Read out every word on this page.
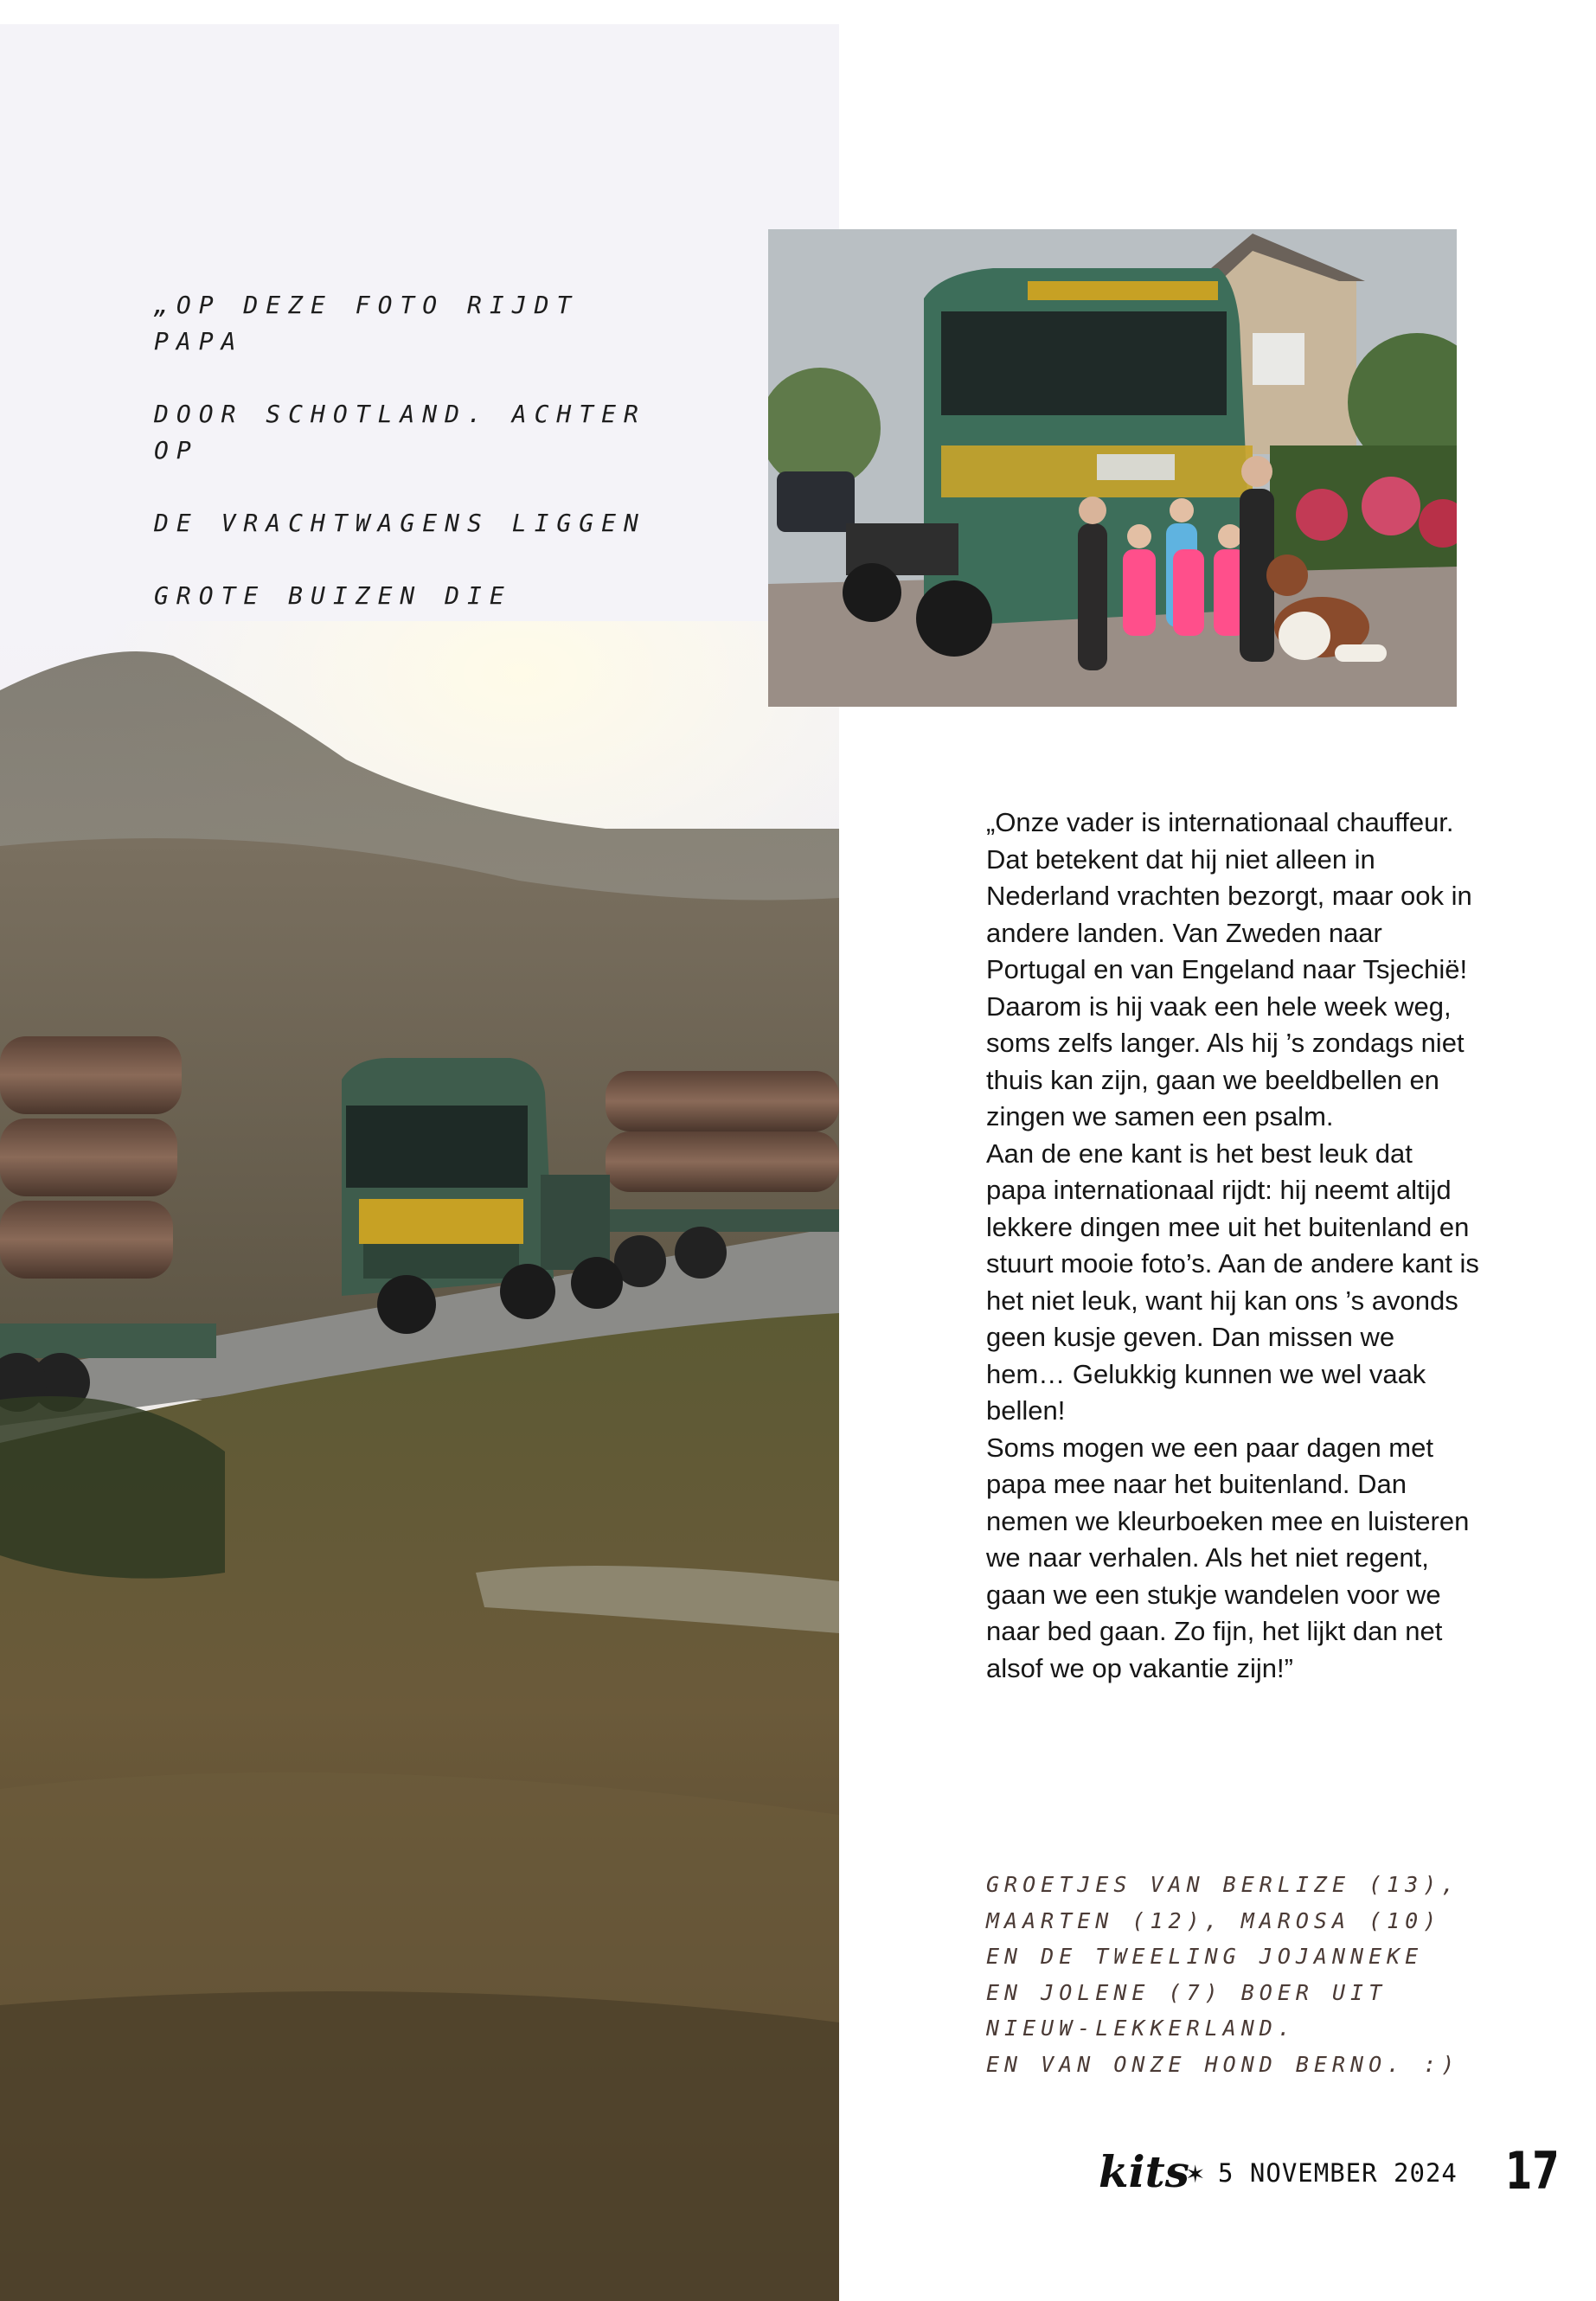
„OP DEZE FOTO RIJDT PAPA

DOOR SCHOTLAND. ACHTER OP

DE VRACHTWAGENS LIGGEN

GROTE BUIZEN DIE

„Onze vader is internationaal chauffeur. Dat betekent dat hij niet alleen in Nederland vrachten bezorgt, maar ook in andere landen. Van Zweden naar Portugal en van Engeland naar Tsjechië! Daarom is hij vaak een hele week weg, soms zelfs langer. Als hij ’s zondags niet thuis kan zijn, gaan we beeldbellen en zingen we samen een psalm.

Aan de ene kant is het best leuk dat papa internationaal rijdt: hij neemt altijd lekkere dingen mee uit het buitenland en stuurt mooie foto’s. Aan de andere kant is het niet leuk, want hij kan ons ’s avonds geen kusje geven. Dan missen we hem… Gelukkig kunnen we wel vaak bellen!

Soms mogen we een paar dagen met papa mee naar het buitenland. Dan nemen we kleurboeken mee en luisteren we naar verhalen. Als het niet regent, gaan we een stukje wandelen voor we naar bed gaan. Zo fijn, het lijkt dan net alsof we op vakantie zijn!”

GROETJES VAN BERLIZE (13),
MAARTEN (12), MAROSA (10)
EN DE TWEELING JOJANNEKE
EN JOLENE (7) BOER UIT
NIEUW-LEKKERLAND.
EN VAN ONZE HOND BERNO. :)
kits
✶ 5 NOVEMBER 2024 17
